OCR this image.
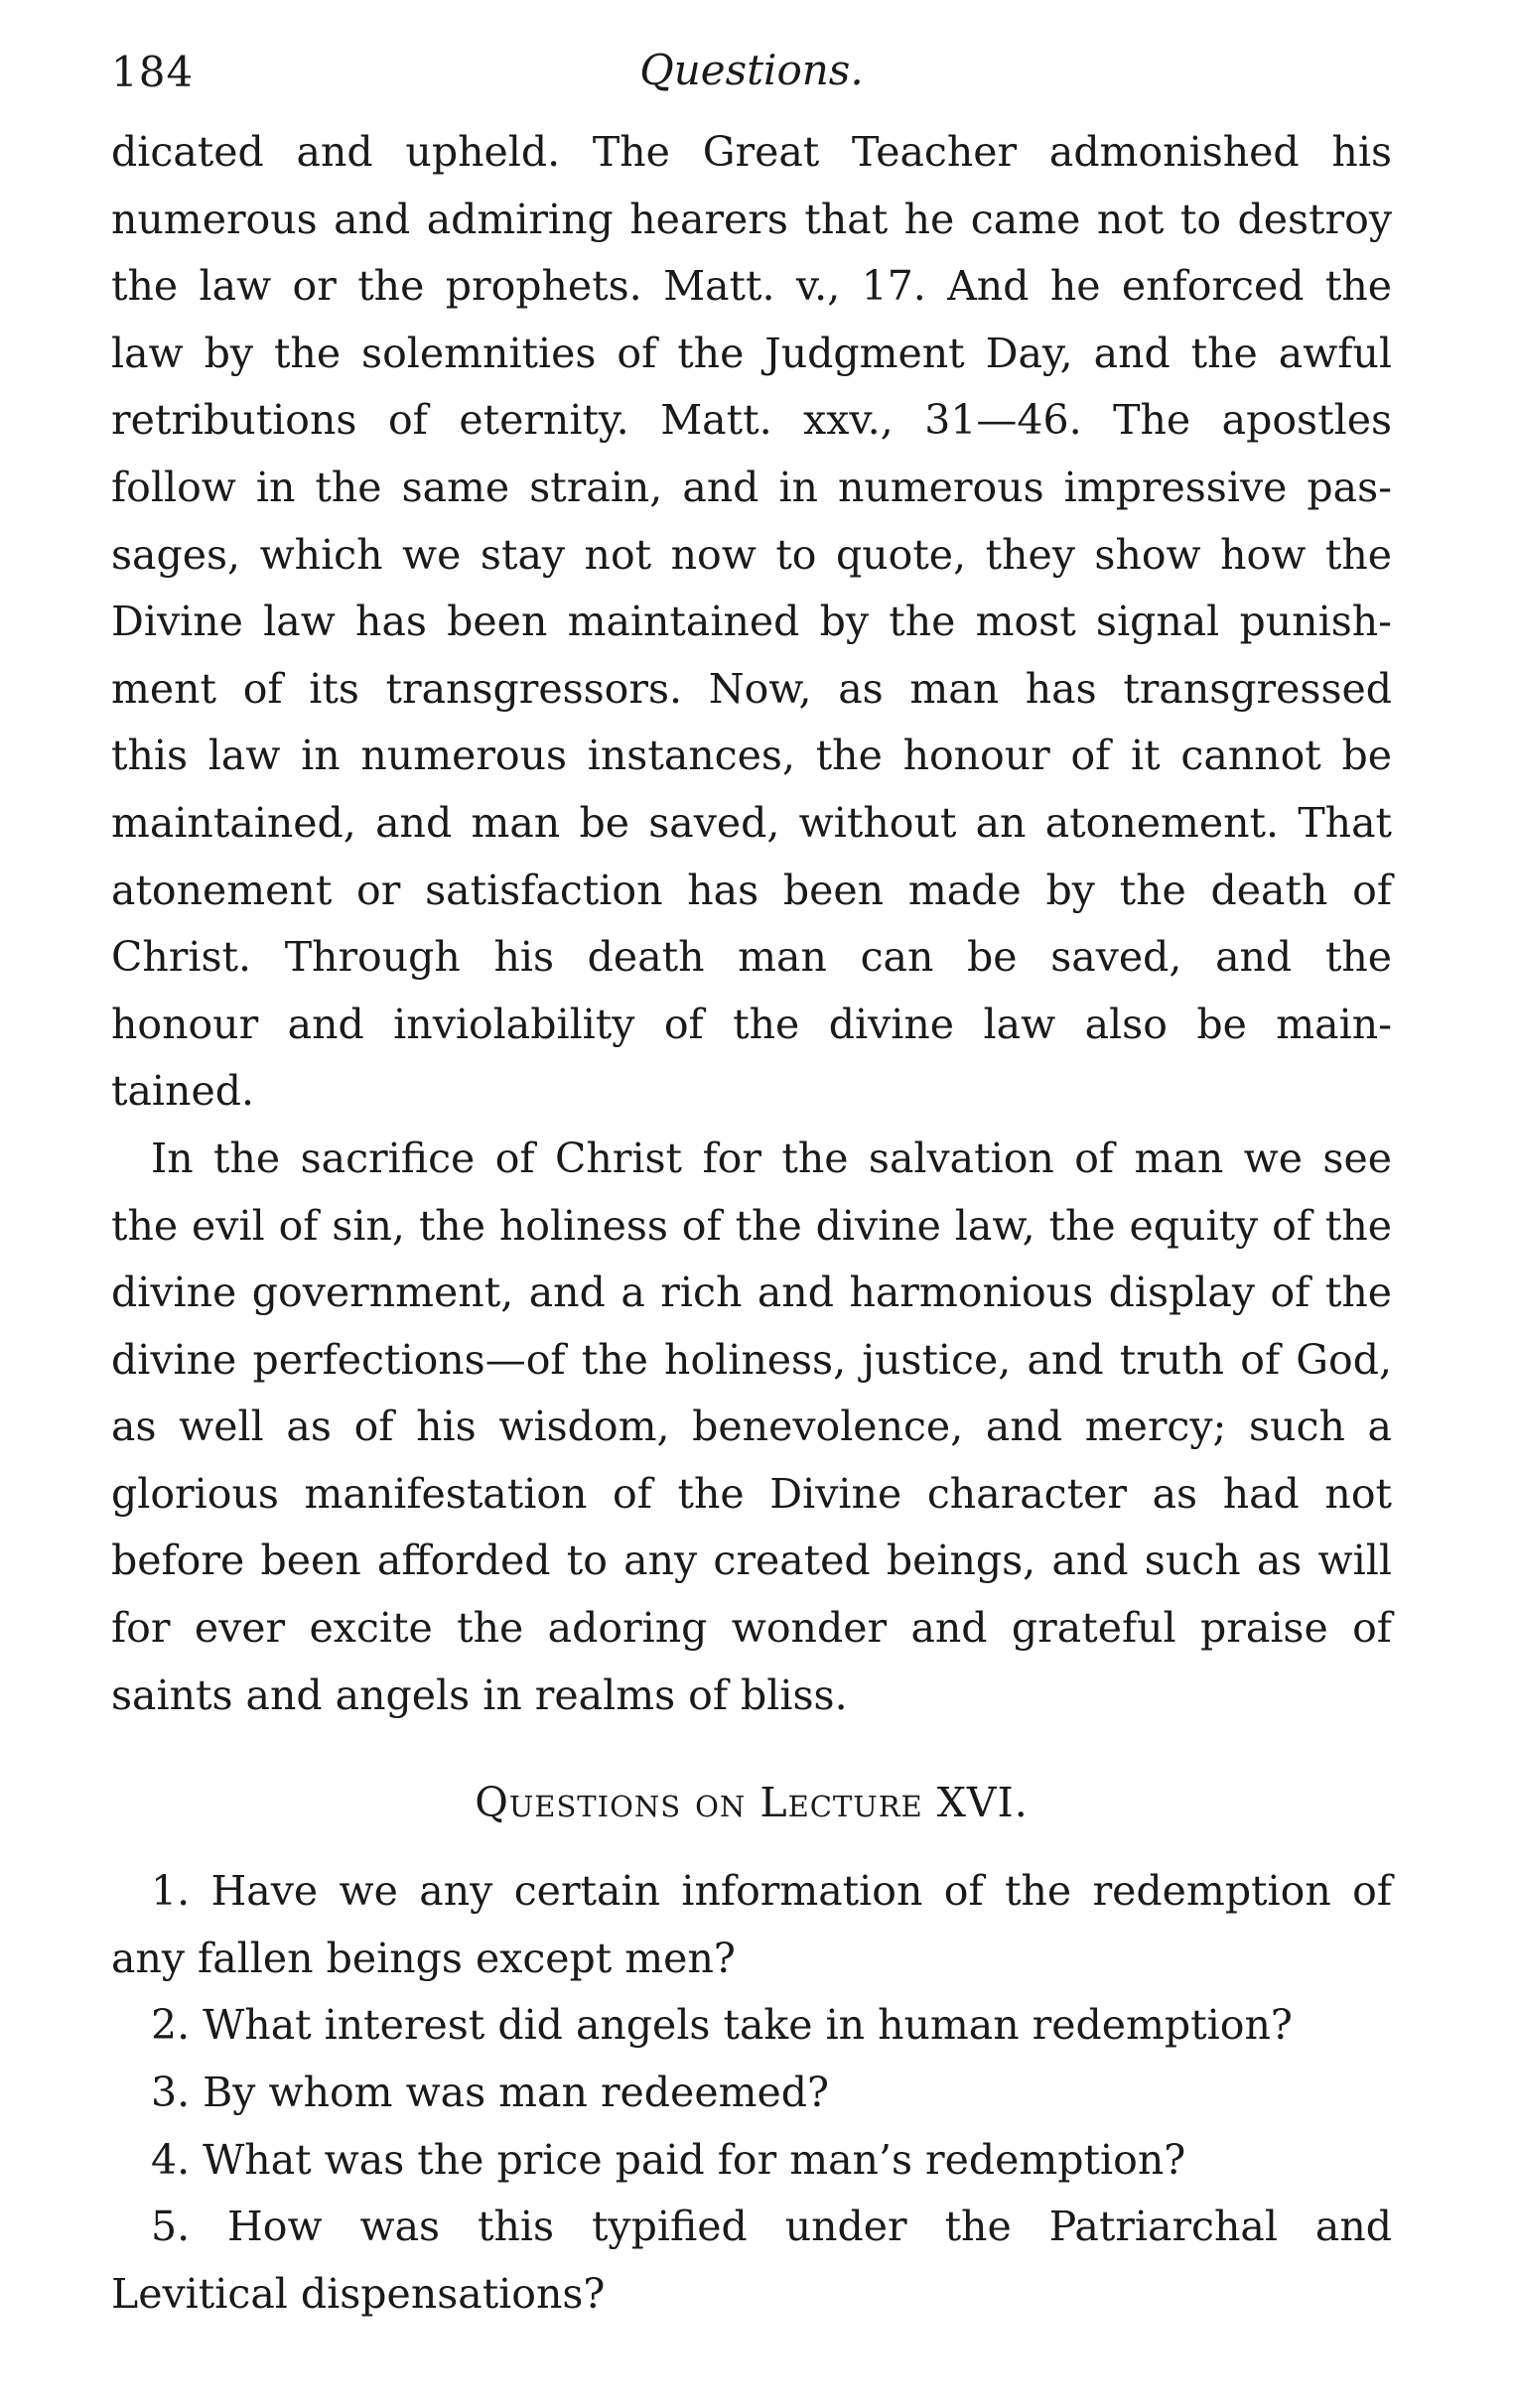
184	Questions.

dicated and upheld. The Great Teacher admonished his
numerous and admiring hearers that he came not to destroy
the law or the prophets. Matt. v., 17. And he enforced the
law by the solemnities of the Judgment Day, and the awful
retributions of eternity. Matt. xxv., 31—46. The apostles
follow in the same strain, and in numerous impressive pas-
sages, which we stay not now to quote, they show how the
Divine law has been maintained by the most signal punish-
ment of its transgressors. Now, as man has transgressed
this law in numerous instances, the honour of it cannot be
maintained, and man be saved, without an atonement. That
atonement or satisfaction has been made by the death of
Christ. Through his death man can be saved, and the
honour and inviolability of the divine law also be main-
tained.

In the sacrifice of Christ for the salvation of man we see
the evil of sin, the holiness of the divine law, the equity of the
divine government, and a rich and harmonious display of the
divine perfections—of the holiness, justice, and truth of God,
as well as of his wisdom, benevolence, and mercy; such a
glorious manifestation of the Divine character as had not
before been afforded to any created beings, and such as will
for ever excite the adoring wonder and grateful praise of
saints and angels in realms of bliss.

Questions on Lecture XVI.

1. Have we any certain information of the redemption of
any fallen beings except men?

2. What interest did angels take in human redemption?

3. By whom was man redeemed?

4. What was the price paid for man’s redemption?

5. How was this typified under the Patriarchal and
Levitical dispensations?
